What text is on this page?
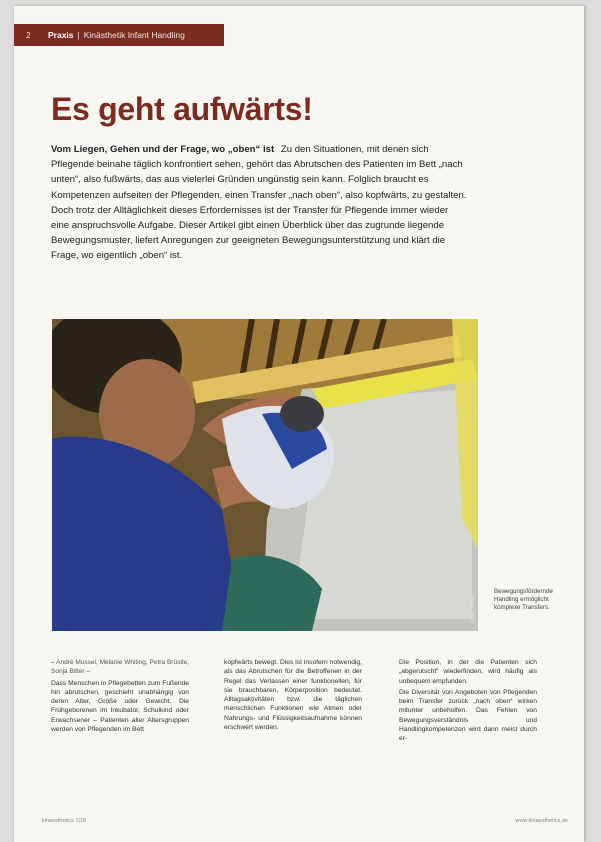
2	Praxis | Kinästhetik Infant Handling
Es geht aufwärts!

Vom Liegen, Gehen und der Frage, wo „oben“ ist Zu den Situationen, mit denen sich Pflegende beinahe täglich konfrontiert sehen, gehört das Abrutschen des Patienten im Bett „nach unten“, also fußwärts, das aus vielerlei Gründen ungünstig sein kann. Folglich braucht es Kompetenzen aufseiten der Pflegenden, einen Transfer „nach oben“, also kopfwärts, zu gestalten. Doch trotz der Alltäglichkeit dieses Erfordernisses ist der Transfer für Pflegende immer wieder eine anspruchsvolle Aufgabe. Dieser Artikel gibt einen Überblick über das zugrunde liegende Bewegungsmuster, liefert Anregungen zur geeigneten Bewegungsunterstützung und klärt die Frage, wo eigentlich „oben“ ist.

Foto: privat

Bewegungsfördernde Handling ermöglicht komplexe Transfers.

– André Mussel, Melanie Whiting, Petra Brüstle, Sonja Bitter –

Dass Menschen in Pflegebetten zum Fußende hin abrutschen, geschieht unabhängig von deren Alter, Größe oder Gewicht. Die Frühgeborenen im Inkubator, Schulkind oder Erwachsener – Patienten aller Altersgruppen werden von Pflegenden im Bett

kopfwärts bewegt. Dies ist insofern notwendig, als das Abrutschen für die Betroffenen in der Regel das Verlassen einer funktionellen, für sie brauchbaren, Körperposition bedeutet. Alltagsaktivitäten bzw. die täglichen menschlichen Funktionen wie Atmen oder Nahrungs- und Flüssigkeitsaufnahme können erschwert werden.

Die Position, in der die Patienten sich „abgerutscht“ wiederfinden, wird häufig als unbequem empfunden.

Die Diversität von Angeboten von Pflegenden beim Transfer zurück „nach oben“ wirken mitunter unbeholfen. Das Fehlen von Bewegungsverständnis und Handlingkompetenzen wird dann meist durch er-

kinaesthetics 1|18	www.kinaesthetics.de
